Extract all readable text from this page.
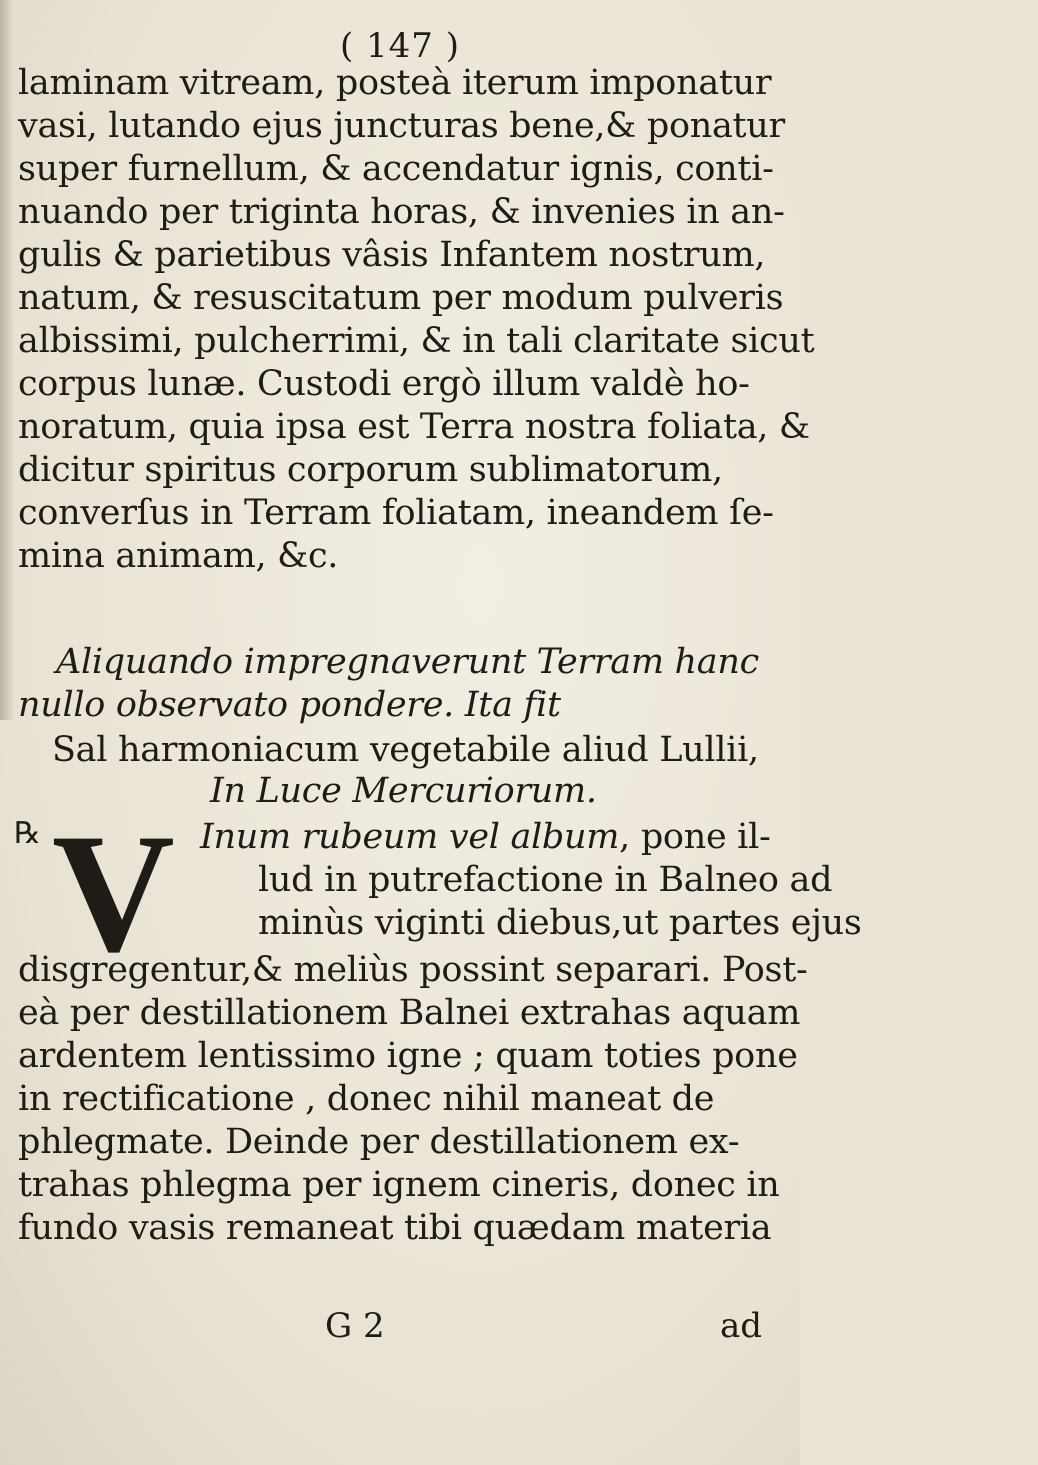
( 147 )
laminam vitream, posteà iterum imponatur
vasi, lutando ejus juncturas bene,& ponatur
super furnellum, & accendatur ignis, conti-
nuando per triginta horas, & invenies in an-
gulis & parietibus vâsis Infantem nostrum,
natum, & resuscitatum per modum pulveris
albissimi, pulcherrimi, & in tali claritate sicut
corpus lunæ. Custodi ergò illum valdè ho-
noratum, quia ipsa est Terra nostra foliata, &
dicitur spiritus corporum sublimatorum,
converſus in Terram foliatam, ineandem ſe-
mina animam, &c.
Aliquando impregnaverunt Terram hanc
nullo observato pondere. Ita fit
Sal harmoniacum vegetabile aliud Lullii,
In Luce Mercuriorum.
℞ V Inum rubeum vel album, pone il-
lud in putrefactione in Balneo ad
minùs viginti diebus,ut partes ejus
disgregentur,& meliùs possint separari. Post-
eà per destillationem Balnei extrahas aquam
ardentem lentissimo igne ; quam toties pone
in rectificatione , donec nihil maneat de
phlegmate. Deinde per destillationem ex-
trahas phlegma per ignem cineris, donec in
fundo vasis remaneat tibi quædam materia
G 2	ad
